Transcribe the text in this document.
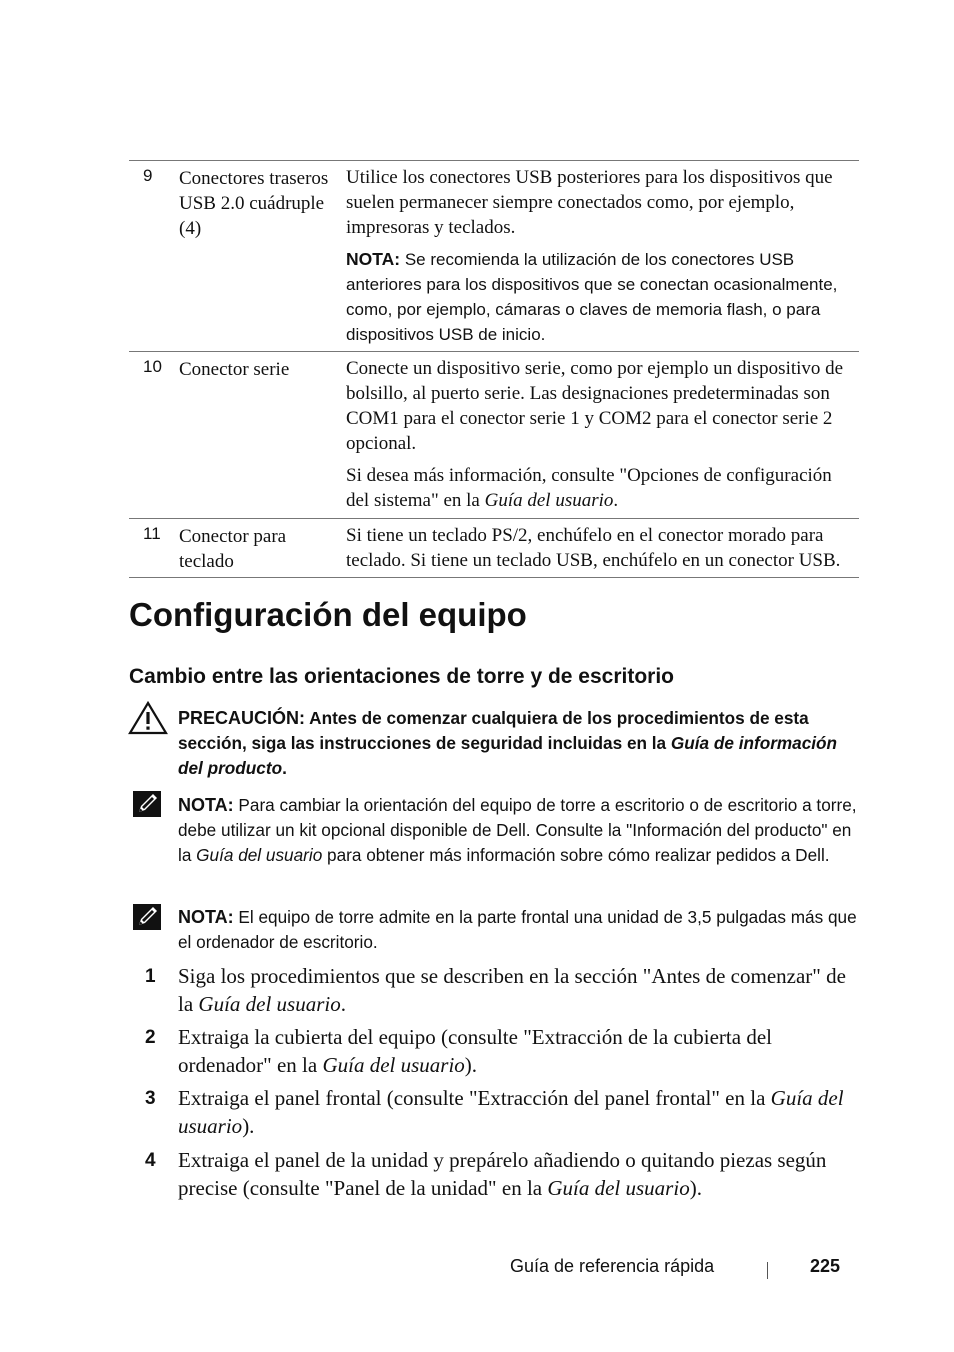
9 Conectores traseros USB 2.0 cuádruple (4)

Utilice los conectores USB posteriores para los dispositivos que suelen permanecer siempre conectados como, por ejemplo, impresoras y teclados.

NOTA: Se recomienda la utilización de los conectores USB anteriores para los dispositivos que se conectan ocasionalmente, como, por ejemplo, cámaras o claves de memoria flash, o para dispositivos USB de inicio.

10 Conector serie	Conecte un dispositivo serie, como por ejemplo un dispositivo de bolsillo, al puerto serie. Las designaciones predeterminadas son COM1 para el conector serie 1 y COM2 para el conector serie 2 opcional.

Si desea más información, consulte "Opciones de configuración del sistema" en la Guía del usuario.

11 Conector para teclado

Si tiene un teclado PS/2, enchúfelo en el conector morado para teclado. Si tiene un teclado USB, enchúfelo en un conector USB.

Configuración del equipo
Cambio entre las orientaciones de torre y de escritorio
PRECAUCIÓN: Antes de comenzar cualquiera de los procedimientos de esta sección, siga las instrucciones de seguridad incluidas en la Guía de información del producto.
NOTA: Para cambiar la orientación del equipo de torre a escritorio o de escritorio a torre, debe utilizar un kit opcional disponible de Dell. Consulte la "Información del producto" en la Guía del usuario para obtener más información sobre cómo realizar pedidos a Dell.
NOTA: El equipo de torre admite en la parte frontal una unidad de 3,5 pulgadas más que el ordenador de escritorio.
1 Siga los procedimientos que se describen en la sección "Antes de comenzar" de la Guía del usuario.
2 Extraiga la cubierta del equipo (consulte "Extracción de la cubierta del ordenador" en la Guía del usuario).
3 Extraiga el panel frontal (consulte "Extracción del panel frontal" en la Guía del usuario).
4 Extraiga el panel de la unidad y prepárelo añadiendo o quitando piezas según precise (consulte "Panel de la unidad" en la Guía del usuario).
Guía de referencia rápida	225
